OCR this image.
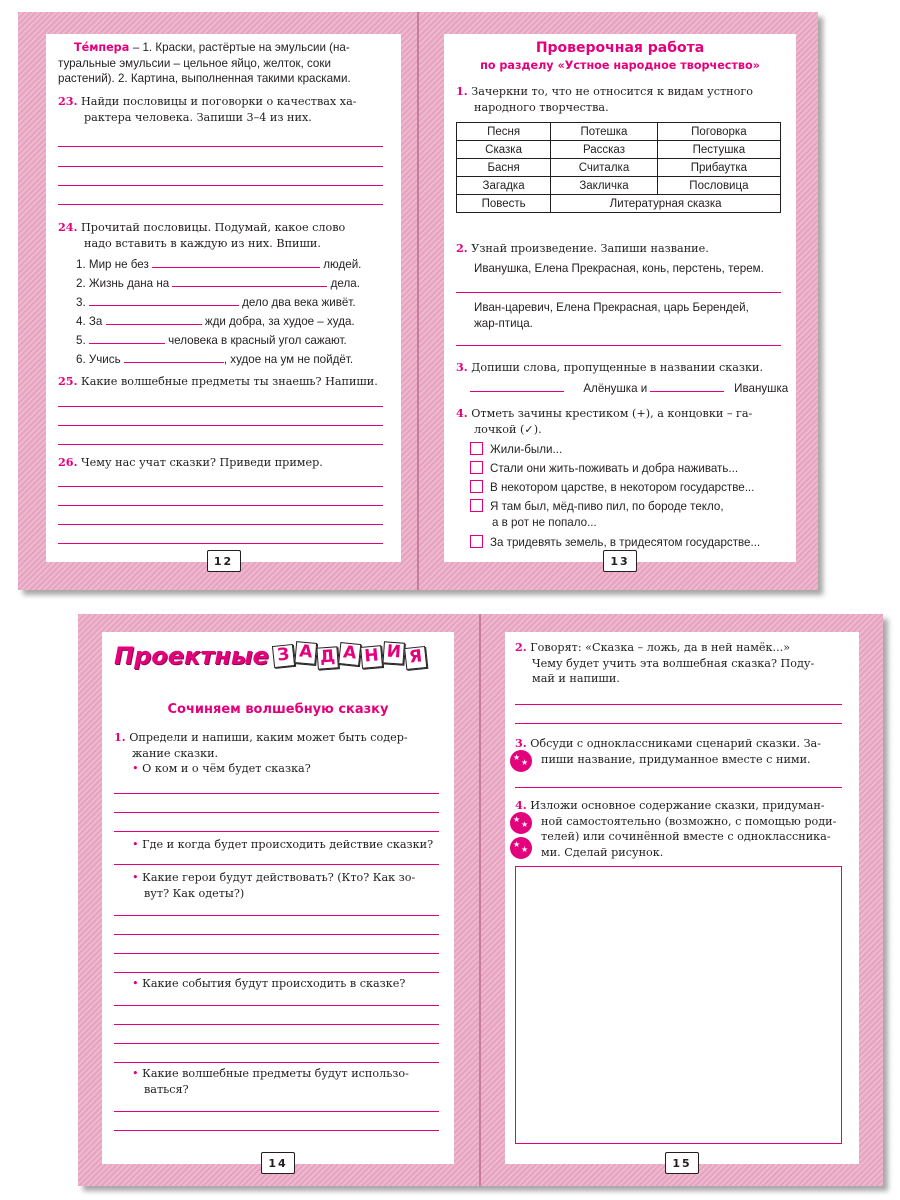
Тéмпера – 1. Краски, растёртые на эмульсии (на-
туральные эмульсии – цельное яйцо, желток, соки
растений). 2. Картина, выполненная такими красками.
23. Найди пословицы и поговорки о качествах ха-
рактера человека. Запиши 3–4 из них.
24. Прочитай пословицы. Подумай, какое слово
надо вставить в каждую из них. Впиши.
1. Мир не без	людей.
2. Жизнь дана на	дела.
3.	дело два века живёт.
4. За	жди добра, за худое – худа.
5.	человека в красный угол сажают.
6. Учись	, худое на ум не пойдёт.
25. Какие волшебные предметы ты знаешь? Напиши.
26. Чему нас учат сказки? Приведи пример.
12
Проверочная работа
по разделу «Устное народное творчество»
1. Зачеркни то, что не относится к видам устного
народного творчества.
Песня	Потешка	Поговорка
Сказка	Рассказ	Пестушка
Басня	Считалка	Прибаутка
Загадка	Закличка	Пословица
Повесть	Литературная сказка	
2. Узнай произведение. Запиши название.
Иванушка, Елена Прекрасная, конь, перстень, терем.
Иван-царевич, Елена Прекрасная, царь Берендей,
жар-птица.
3. Допиши слова, пропущенные в названии сказки.
Алёнушка и	Иванушка
4. Отметь зачины крестиком (+), а концовки – га-
лочкой (✓).
Жили-были...
Стали они жить-поживать и добра наживать...
В некотором царстве, в некотором государстве...
Я там был, мёд-пиво пил, по бороде текло,
а в рот не попало...
За тридевять земель, в тридесятом государстве...
13
Проектные З А Д А Н И Я
Сочиняем волшебную сказку
1. Определи и напиши, каким может быть содер-
жание сказки.
• О ком и о чём будет сказка?
• Где и когда будет происходить действие сказки?
• Какие герои будут действовать? (Кто? Как зо-
вут? Как одеты?)
• Какие события будут происходить в сказке?
• Какие волшебные предметы будут использо-
ваться?
14
2. Говорят: «Сказка – ложь, да в ней намёк...»
Чему будет учить эта волшебная сказка? Поду-
май и напиши.
★ ★
3. Обсуди с одноклассниками сценарий сказки. За-
пиши название, придуманное вместе с ними.
★ ★
★ ★
4. Изложи основное содержание сказки, придуман-
ной самостоятельно (возможно, с помощью роди-
телей) или сочинённой вместе с одноклассника-
ми. Сделай рисунок.
15
